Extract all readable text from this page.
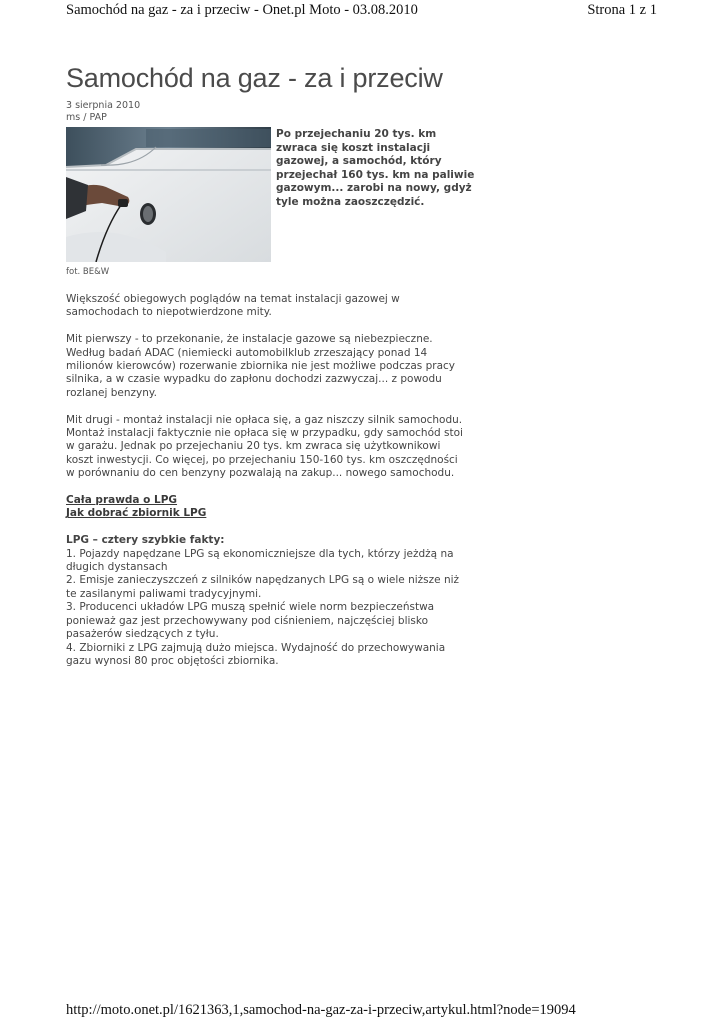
Samochód na gaz - za i przeciw - Onet.pl Moto - 03.08.2010	Strona 1 z 1
Samochód na gaz - za i przeciw
3 sierpnia 2010
ms / PAP
fot. BE&W
Po przejechaniu 20 tys. km
zwraca się koszt instalacji
gazowej, a samochód, który
przejechał 160 tys. km na paliwie
gazowym... zarobi na nowy, gdyż
tyle można zaoszczędzić.

Większość obiegowych poglądów na temat instalacji gazowej w
samochodach to niepotwierdzone mity.

Mit pierwszy - to przekonanie, że instalacje gazowe są niebezpieczne.
Według badań ADAC (niemiecki automobilklub zrzeszający ponad 14
milionów kierowców) rozerwanie zbiornika nie jest możliwe podczas pracy
silnika, a w czasie wypadku do zapłonu dochodzi zazwyczaj... z powodu
rozlanej benzyny.

Mit drugi - montaż instalacji nie opłaca się, a gaz niszczy silnik samochodu.
Montaż instalacji faktycznie nie opłaca się w przypadku, gdy samochód stoi
w garażu. Jednak po przejechaniu 20 tys. km zwraca się użytkownikowi
koszt inwestycji. Co więcej, po przejechaniu 150-160 tys. km oszczędności
w porównaniu do cen benzyny pozwalają na zakup... nowego samochodu.

Cała prawda o LPG
Jak dobrać zbiornik LPG

LPG – cztery szybkie fakty:
1. Pojazdy napędzane LPG są ekonomiczniejsze dla tych, którzy jeżdżą na
długich dystansach
2. Emisje zanieczyszczeń z silników napędzanych LPG są o wiele niższe niż
te zasilanymi paliwami tradycyjnymi.
3. Producenci układów LPG muszą spełnić wiele norm bezpieczeństwa
ponieważ gaz jest przechowywany pod ciśnieniem, najczęściej blisko
pasażerów siedzących z tyłu.
4. Zbiorniki z LPG zajmują dużo miejsca. Wydajność do przechowywania
gazu wynosi 80 proc objętości zbiornika.

http://moto.onet.pl/1621363,1,samochod-na-gaz-za-i-przeciw,artykul.html?node=19094
